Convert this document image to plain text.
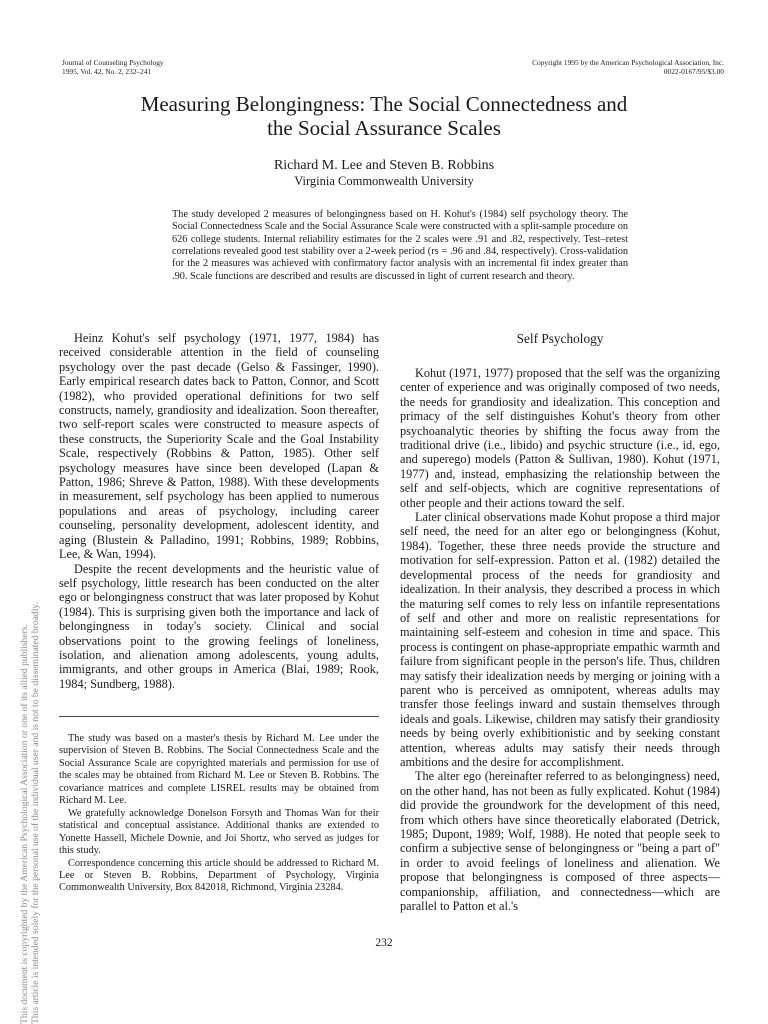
Journal of Counseling Psychology
1995, Vol. 42, No. 2, 232–241
Copyright 1995 by the American Psychological Association, Inc.
0022-0167/95/$3.00
Measuring Belongingness: The Social Connectedness and
the Social Assurance Scales
Richard M. Lee and Steven B. Robbins
Virginia Commonwealth University
The study developed 2 measures of belongingness based on H. Kohut's (1984) self psychology theory. The Social Connectedness Scale and the Social Assurance Scale were constructed with a split-sample procedure on 626 college students. Internal reliability estimates for the 2 scales were .91 and .82, respectively. Test–retest correlations revealed good test stability over a 2-week period (rs = .96 and .84, respectively). Cross-validation for the 2 measures was achieved with confirmatory factor analysis with an incremental fit index greater than .90. Scale functions are described and results are discussed in light of current research and theory.
This document is copyrighted by the American Psychological Association or one of its allied publishers. This article is intended solely for the personal use of the individual user and is not to be disseminated broadly.

Heinz Kohut's self psychology (1971, 1977, 1984) has received considerable attention in the field of counseling psychology over the past decade (Gelso & Fassinger, 1990). Early empirical research dates back to Patton, Connor, and Scott (1982), who provided operational definitions for two self constructs, namely, grandiosity and idealization. Soon thereafter, two self-report scales were constructed to measure aspects of these constructs, the Superiority Scale and the Goal Instability Scale, respectively (Robbins & Patton, 1985). Other self psychology measures have since been developed (Lapan & Patton, 1986; Shreve & Patton, 1988). With these developments in measurement, self psychology has been applied to numerous populations and areas of psychology, including career counseling, personality development, adolescent identity, and aging (Blustein & Palladino, 1991; Robbins, 1989; Robbins, Lee, & Wan, 1994).

Despite the recent developments and the heuristic value of self psychology, little research has been conducted on the alter ego or belongingness construct that was later proposed by Kohut (1984). This is surprising given both the importance and lack of belongingness in today's society. Clinical and social observations point to the growing feelings of loneliness, isolation, and alienation among adolescents, young adults, immigrants, and other groups in America (Blai, 1989; Rook, 1984; Sundberg, 1988).

The study was based on a master's thesis by Richard M. Lee under the supervision of Steven B. Robbins. The Social Connectedness Scale and the Social Assurance Scale are copyrighted materials and permission for use of the scales may be obtained from Richard M. Lee or Steven B. Robbins. The covariance matrices and complete LISREL results may be obtained from Richard M. Lee.

We gratefully acknowledge Donelson Forsyth and Thomas Wan for their statistical and conceptual assistance. Additional thanks are extended to Yonette Hassell, Michele Downie, and Joi Shortz, who served as judges for this study.

Correspondence concerning this article should be addressed to Richard M. Lee or Steven B. Robbins, Department of Psychology, Virginia Commonwealth University, Box 842018, Richmond, Virginia 23284.

Self Psychology

Kohut (1971, 1977) proposed that the self was the organizing center of experience and was originally composed of two needs, the needs for grandiosity and idealization. This conception and primacy of the self distinguishes Kohut's theory from other psychoanalytic theories by shifting the focus away from the traditional drive (i.e., libido) and psychic structure (i.e., id, ego, and superego) models (Patton & Sullivan, 1980). Kohut (1971, 1977) and, instead, emphasizing the relationship between the self and self-objects, which are cognitive representations of other people and their actions toward the self.

Later clinical observations made Kohut propose a third major self need, the need for an alter ego or belongingness (Kohut, 1984). Together, these three needs provide the structure and motivation for self-expression. Patton et al. (1982) detailed the developmental process of the needs for grandiosity and idealization. In their analysis, they described a process in which the maturing self comes to rely less on infantile representations of self and other and more on realistic representations for maintaining self-esteem and cohesion in time and space. This process is contingent on phase-appropriate empathic warmth and failure from significant people in the person's life. Thus, children may satisfy their idealization needs by merging or joining with a parent who is perceived as omnipotent, whereas adults may transfer those feelings inward and sustain themselves through ideals and goals. Likewise, children may satisfy their grandiosity needs by being overly exhibitionistic and by seeking constant attention, whereas adults may satisfy their needs through ambitions and the desire for accomplishment.

The alter ego (hereinafter referred to as belongingness) need, on the other hand, has not been as fully explicated. Kohut (1984) did provide the groundwork for the development of this need, from which others have since theoretically elaborated (Detrick, 1985; Dupont, 1989; Wolf, 1988). He noted that people seek to confirm a subjective sense of belongingness or "being a part of" in order to avoid feelings of loneliness and alienation. We propose that belongingness is composed of three aspects—companionship, affiliation, and connectedness—which are parallel to Patton et al.'s

232
